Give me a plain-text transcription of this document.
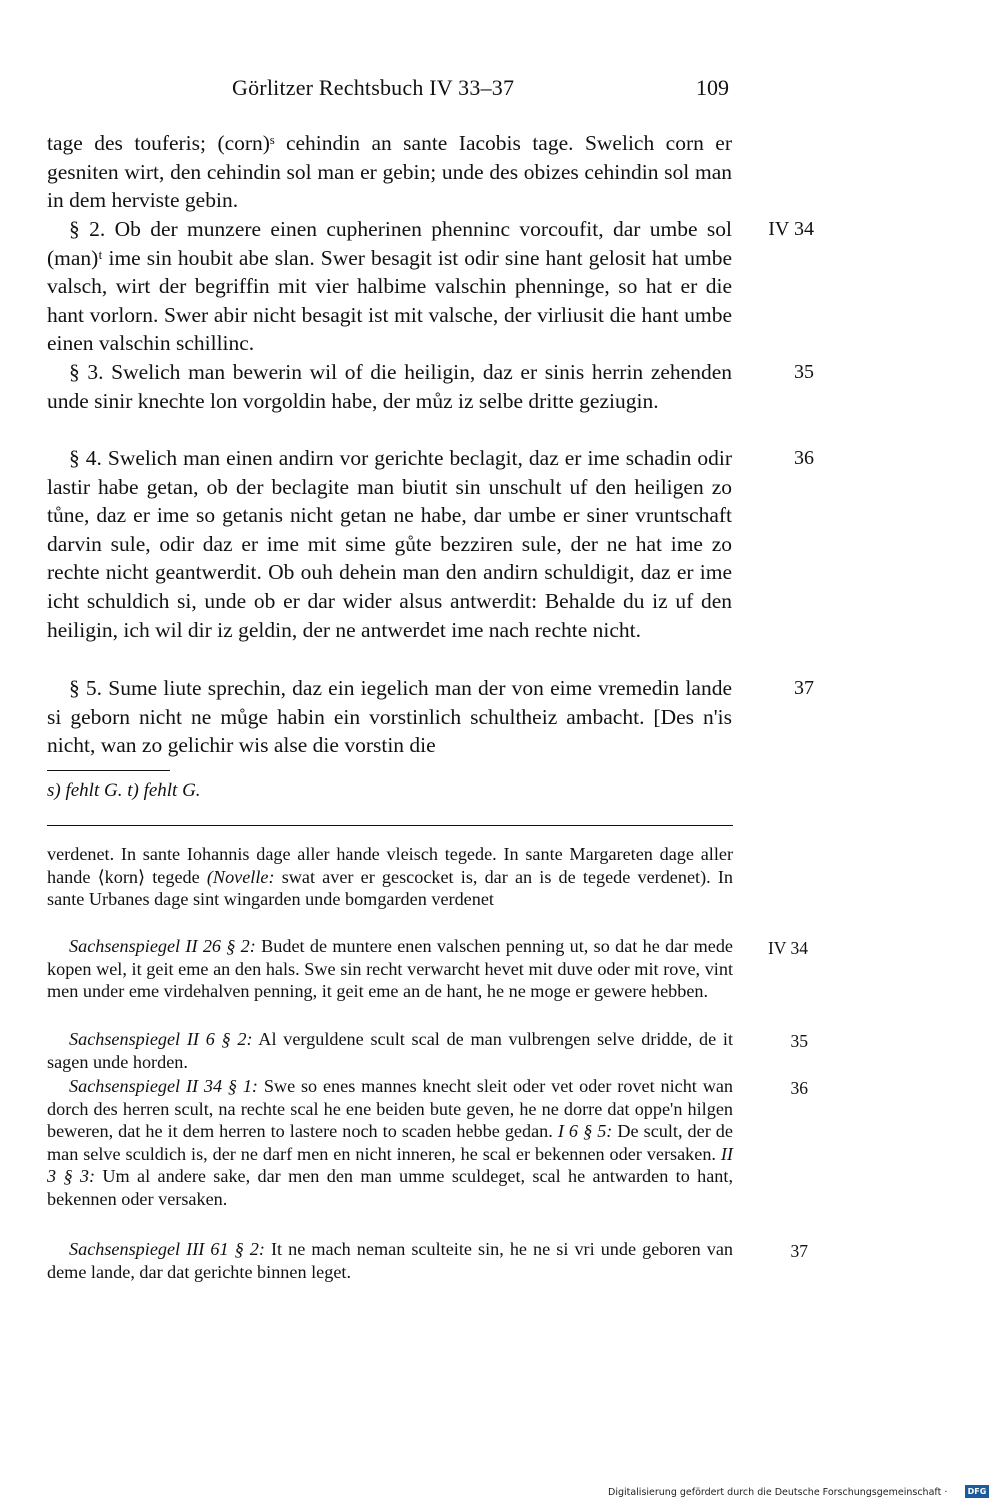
Görlitzer Rechtsbuch IV 33–37	109

tage des touferis; (corn)ˢ cehindin an sante Iacobis tage. Swelich corn er gesniten wirt, den cehindin sol man er gebin; unde des obizes cehindin sol man in dem herviste gebin.

§ 2. Ob der munzere einen cupherinen phenninc vorcoufit, dar umbe sol (man)ᵗ ime sin houbit abe slan. Swer besagit ist odir sine hant gelosit hat umbe valsch, wirt der begriffin mit vier halbime valschin phenninge, so hat er die hant vorlorn. Swer abir nicht besagit ist mit valsche, der virliusit die hant umbe einen valschin schillinc.

§ 3. Swelich man bewerin wil of die heiligin, daz er sinis herrin zehenden unde sinir knechte lon vorgoldin habe, der můz iz selbe dritte geziugin.

§ 4. Swelich man einen andirn vor gerichte beclagit, daz er ime schadin odir lastir habe getan, ob der beclagite man biutit sin unschult uf den heiligen zo tůne, daz er ime so getanis nicht getan ne habe, dar umbe er siner vruntschaft darvin sule, odir daz er ime mit sime gůte bezziren sule, der ne hat ime zo rechte nicht geantwerdit. Ob ouh dehein man den andirn schuldigit, daz er ime icht schuldich si, unde ob er dar wider alsus antwerdit: Behalde du iz uf den heiligin, ich wil dir iz geldin, der ne antwerdet ime nach rechte nicht.

§ 5. Sume liute sprechin, daz ein iegelich man der von eime vremedin lande si geborn nicht ne můge habin ein vorstinlich schultheiz ambacht. [Des n'is nicht, wan zo gelichir wis alse die vorstin die

IV 34
35
36
37
s) fehlt G. t) fehlt G.

verdenet. In sante Iohannis dage aller hande vleisch tegede. In sante Margareten dage aller hande ⟨korn⟩ tegede (Novelle: swat aver er gescocket is, dar an is de tegede verdenet). In sante Urbanes dage sint wingarden unde bomgarden verdenet

Sachsenspiegel II 26 § 2: Budet de muntere enen valschen penning ut, so dat he dar mede kopen wel, it geit eme an den hals. Swe sin recht verwarcht hevet mit duve oder mit rove, vint men under eme virdehalven penning, it geit eme an de hant, he ne moge er gewere hebben.

Sachsenspiegel II 6 § 2: Al verguldene scult scal de man vulbrengen selve dridde, de it sagen unde horden.

Sachsenspiegel II 34 § 1: Swe so enes mannes knecht sleit oder vet oder rovet nicht wan dorch des herren scult, na rechte scal he ene beiden bute geven, he ne dorre dat oppe'n hilgen beweren, dat he it dem herren to lastere noch to scaden hebbe gedan. I 6 § 5: De scult, der de man selve sculdich is, der ne darf men en nicht inneren, he scal er bekennen oder versaken. II 3 § 3: Um al andere sake, dar men den man umme sculdeget, scal he antwarden to hant, bekennen oder versaken.

Sachsenspiegel III 61 § 2: It ne mach neman sculteite sin, he ne si vri unde geboren van deme lande, dar dat gerichte binnen leget.

IV 34
35
36
37
Digitalisierung gefördert durch die Deutsche Forschungsgemeinschaft ·	DFG
